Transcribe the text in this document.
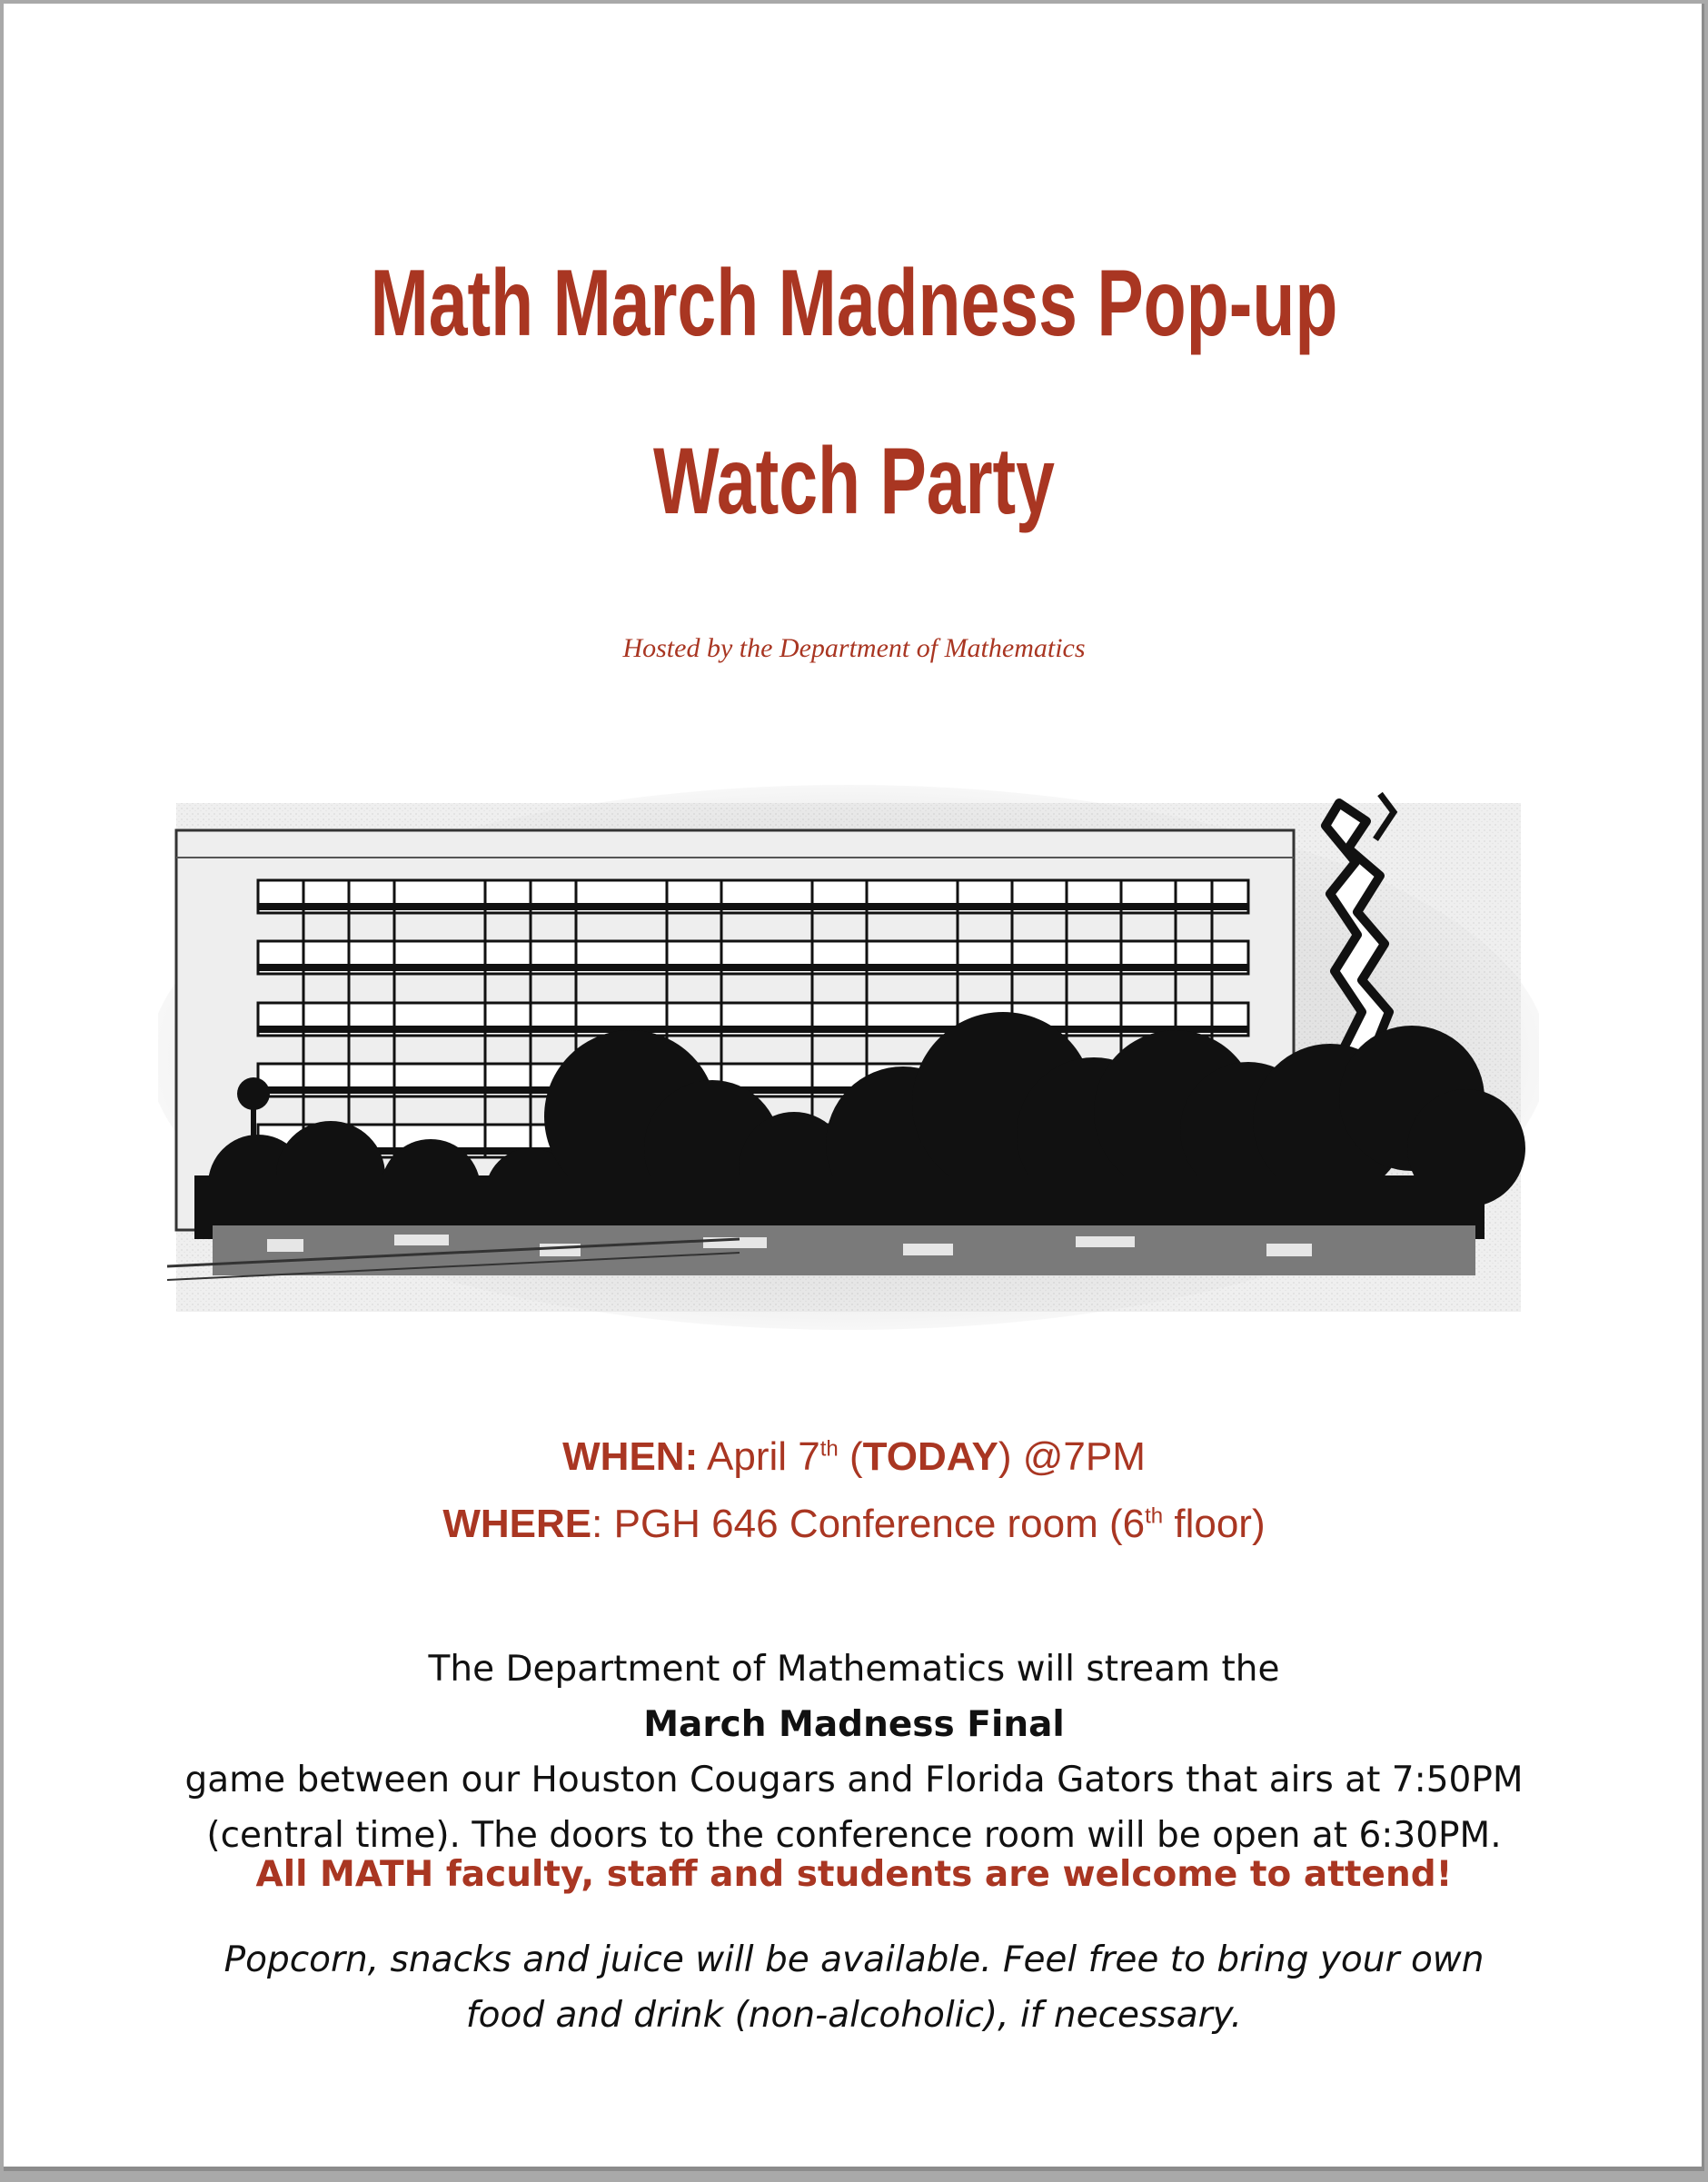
Math March Madness Pop-up
Watch Party
Hosted by the Department of Mathematics
WHEN: April 7th (TODAY) @7PM
WHERE: PGH 646 Conference room (6th floor)
The Department of Mathematics will stream the
March Madness Final
game between our Houston Cougars and Florida Gators that airs at 7:50PM
(central time). The doors to the conference room will be open at 6:30PM.
All MATH faculty, staff and students are welcome to attend!
Popcorn, snacks and juice will be available. Feel free to bring your own
food and drink (non-alcoholic), if necessary.
